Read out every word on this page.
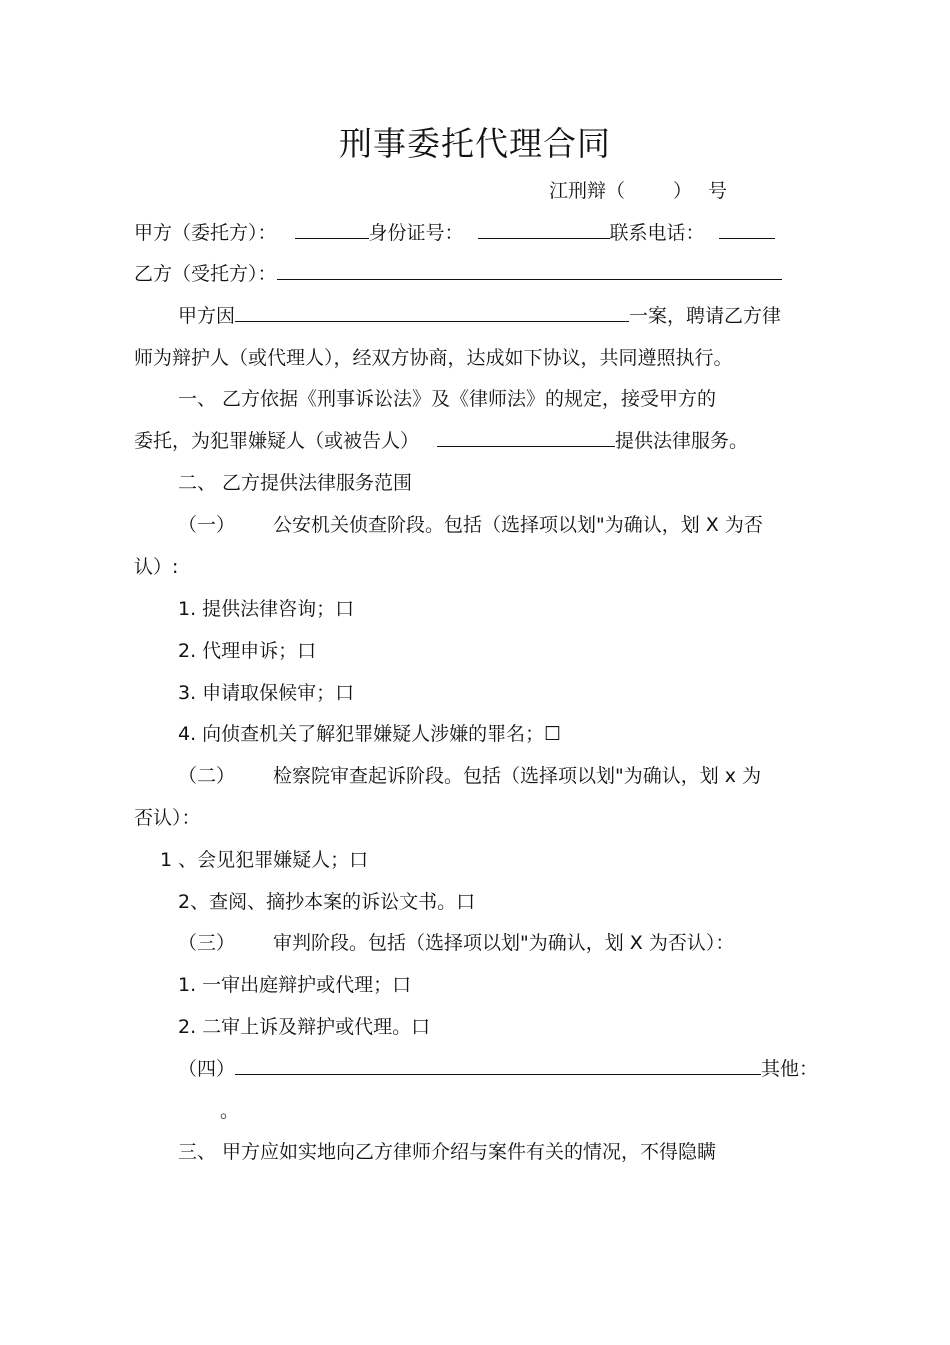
刑事委托代理合同
江刑辩（	） 号
甲方（委托方）：	身份证号：	联系电话：
乙方（受托方）：
甲方因	一案，聘请乙方律
师为辩护人（或代理人），经双方协商，达成如下协议，共同遵照执行。
一、 乙方依据《刑事诉讼法》及《律师法》的规定，接受甲方的
委托，为犯罪嫌疑人（或被告人）	提供法律服务。
二、 乙方提供法律服务范围
（一） 公安机关侦查阶段。包括（选择项以划"为确认，划 X 为否
认）:
1. 提供法律咨询；口
2. 代理申诉；口
3. 申请取保候审；口
4. 向侦查机关了解犯罪嫌疑人涉嫌的罪名；☐
（二） 检察院审查起诉阶段。包括（选择项以划"为确认，划 x 为
否认）：
1 、会见犯罪嫌疑人；口
2、查阅、摘抄本案的诉讼文书。口
（三） 审判阶段。包括（选择项以划"为确认，划 X 为否认）：
1. 一审出庭辩护或代理；口
2. 二审上诉及辩护或代理。口
（四）	其他：
。
三、 甲方应如实地向乙方律师介绍与案件有关的情况，不得隐瞒
